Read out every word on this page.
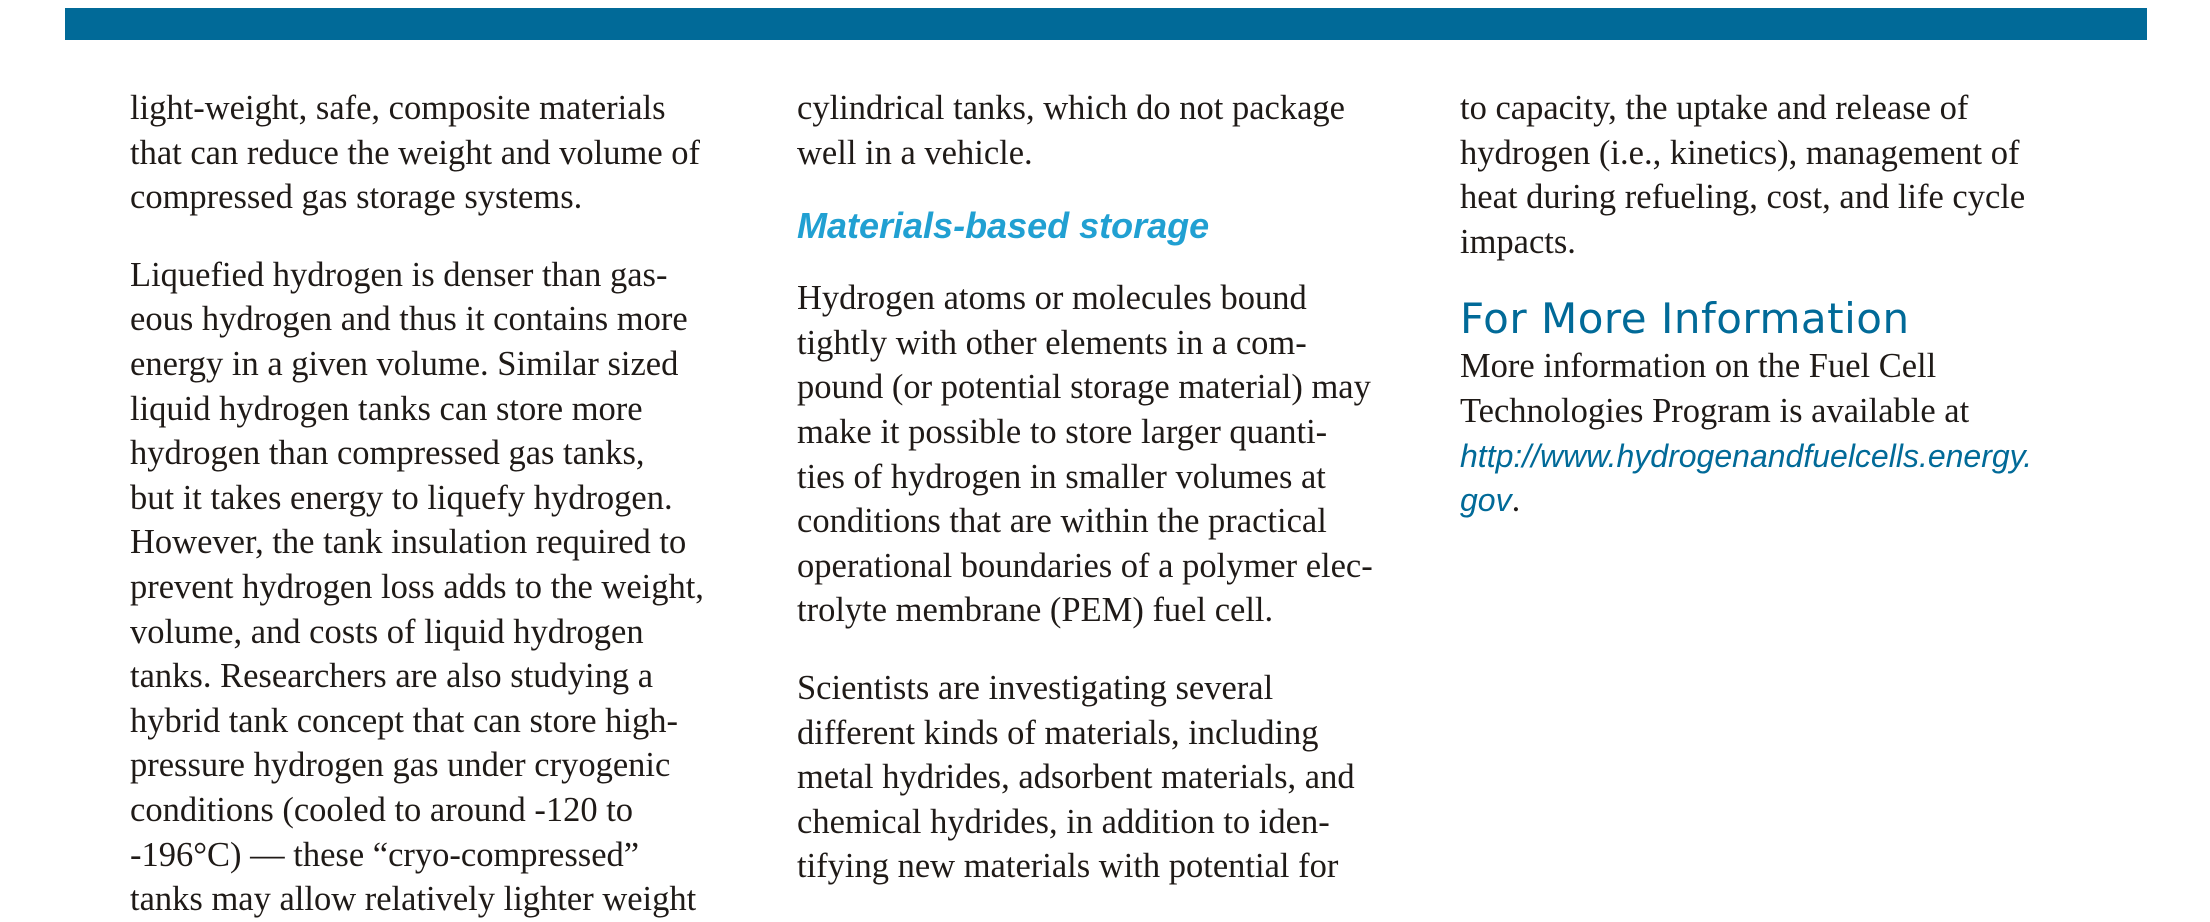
light-weight, safe, composite materials
that can reduce the weight and volume of
compressed gas storage systems.

Liquefied hydrogen is denser than gas-
eous hydrogen and thus it contains more
energy in a given volume. Similar sized
liquid hydrogen tanks can store more
hydrogen than compressed gas tanks,
but it takes energy to liquefy hydrogen.
However, the tank insulation required to
prevent hydrogen loss adds to the weight,
volume, and costs of liquid hydrogen
tanks. Researchers are also studying a
hybrid tank concept that can store high-
pressure hydrogen gas under cryogenic
conditions (cooled to around -120 to
-196°C) — these “cryo-compressed”
tanks may allow relatively lighter weight

cylindrical tanks, which do not package
well in a vehicle.

Materials-based storage

Hydrogen atoms or molecules bound
tightly with other elements in a com-
pound (or potential storage material) may
make it possible to store larger quanti-
ties of hydrogen in smaller volumes at
conditions that are within the practical
operational boundaries of a polymer elec-
trolyte membrane (PEM) fuel cell.

Scientists are investigating several
different kinds of materials, including
metal hydrides, adsorbent materials, and
chemical hydrides, in addition to iden-
tifying new materials with potential for

to capacity, the uptake and release of
hydrogen (i.e., kinetics), management of
heat during refueling, cost, and life cycle
impacts.

For More Information

More information on the Fuel Cell
Technologies Program is available at
http://www.hydrogenandfuelcells.energy.
gov.
